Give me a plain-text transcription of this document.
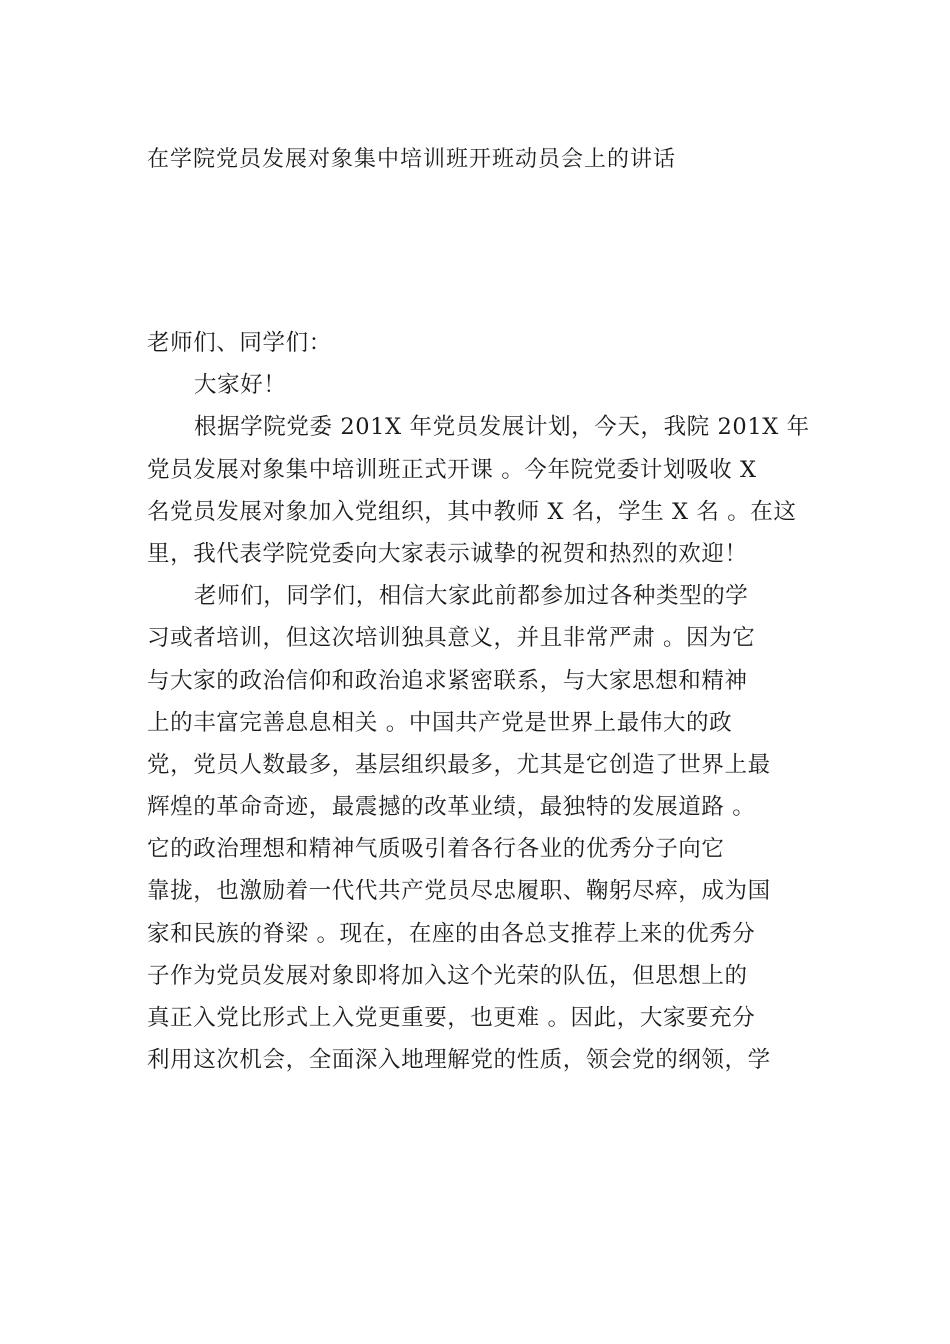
在学院党员发展对象集中培训班开班动员会上的讲话
老师们、同学们：
大家好！
根据学院党委 201X 年党员发展计划，今天，我院 201X 年
党员发展对象集中培训班正式开课 。今年院党委计划吸收 X
名党员发展对象加入党组织，其中教师 X 名，学生 X 名 。在这
里，我代表学院党委向大家表示诚挚的祝贺和热烈的欢迎！
老师们，同学们，相信大家此前都参加过各种类型的学
习或者培训，但这次培训独具意义，并且非常严肃 。因为它
与大家的政治信仰和政治追求紧密联系，与大家思想和精神
上的丰富完善息息相关 。中国共产党是世界上最伟大的政
党，党员人数最多，基层组织最多，尤其是它创造了世界上最
辉煌的革命奇迹，最震撼的改革业绩，最独特的发展道路 。
它的政治理想和精神气质吸引着各行各业的优秀分子向它
靠拢，也激励着一代代共产党员尽忠履职、鞠躬尽瘁，成为国
家和民族的脊梁 。现在，在座的由各总支推荐上来的优秀分
子作为党员发展对象即将加入这个光荣的队伍，但思想上的
真正入党比形式上入党更重要，也更难 。因此，大家要充分
利用这次机会，全面深入地理解党的性质，领会党的纲领，学
